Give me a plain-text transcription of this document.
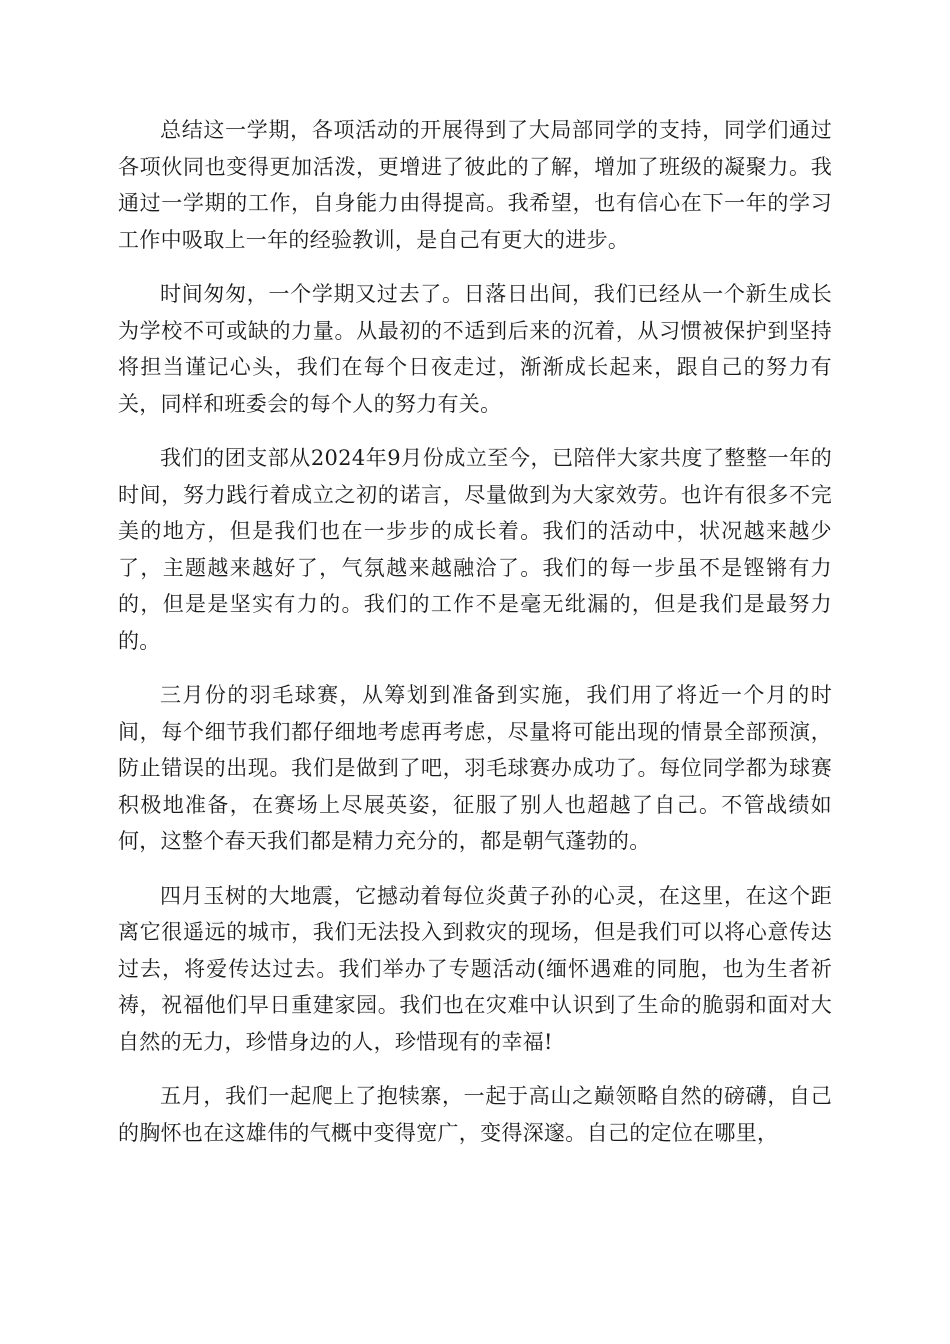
总结这一学期，各项活动的开展得到了大局部同学的支持，同学们通过各项伙同也变得更加活泼，更增进了彼此的了解，增加了班级的凝聚力。我通过一学期的工作，自身能力由得提高。我希望，也有信心在下一年的学习工作中吸取上一年的经验教训，是自己有更大的进步。

时间匆匆，一个学期又过去了。日落日出间，我们已经从一个新生成长为学校不可或缺的力量。从最初的不适到后来的沉着，从习惯被保护到坚持将担当谨记心头，我们在每个日夜走过，渐渐成长起来，跟自己的努力有关，同样和班委会的每个人的努力有关。

我们的团支部从2024年9月份成立至今，已陪伴大家共度了整整一年的时间，努力践行着成立之初的诺言，尽量做到为大家效劳。也许有很多不完美的地方，但是我们也在一步步的成长着。我们的活动中，状况越来越少了，主题越来越好了，气氛越来越融洽了。我们的每一步虽不是铿锵有力的，但是是坚实有力的。我们的工作不是毫无纰漏的，但是我们是最努力的。

三月份的羽毛球赛，从筹划到准备到实施，我们用了将近一个月的时间，每个细节我们都仔细地考虑再考虑，尽量将可能出现的情景全部预演，防止错误的出现。我们是做到了吧，羽毛球赛办成功了。每位同学都为球赛积极地准备，在赛场上尽展英姿，征服了别人也超越了自己。不管战绩如何，这整个春天我们都是精力充分的，都是朝气蓬勃的。

四月玉树的大地震，它撼动着每位炎黄子孙的心灵，在这里，在这个距离它很遥远的城市，我们无法投入到救灾的现场，但是我们可以将心意传达过去，将爱传达过去。我们举办了专题活动(缅怀遇难的同胞，也为生者祈祷，祝福他们早日重建家园。我们也在灾难中认识到了生命的脆弱和面对大自然的无力，珍惜身边的人，珍惜现有的幸福!

五月，我们一起爬上了抱犊寨，一起于高山之巅领略自然的磅礴，自己的胸怀也在这雄伟的气概中变得宽广，变得深邃。自己的定位在哪里，
